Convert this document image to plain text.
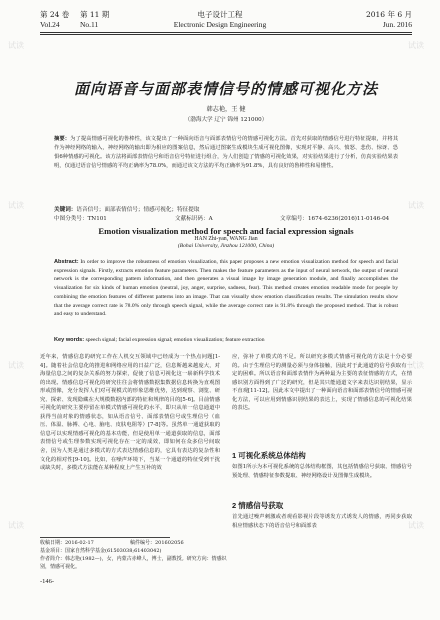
第 24 卷 第 11 期	电子设计工程	2016 年 6 月
Vol.24	No.11	Electronic Design Engineering	Jun. 2016
面向语音与面部表情信号的情感可视化方法
韩志艳，王 健
（渤海大学 辽宁 锦州 121000）
摘要：为了提高情感可视化的鲁棒性，该文提出了一种面向语音与面部表情信号的情感可视化方法。首先对获取的情感信号进行特征提取，并将其作为神经网络的输入，神经网络的输出即为相应的图案信息，然后通过图案生成模块生成可视化图像，实现对平静、高兴、愤怒、悲伤、惊讶、恐惧6种情感的可视化。该方法将面部表情信号和语音信号特征进行组合，为人们创造了情感的可视化效果，对实验结果进行了分析，仿真实验结果表明，仅通过语音信号情感的平均正确率为78.0%，而通过该文方法的平均正确率为91.8%，具有良好的鲁棒性和易懂性。
关键词：语音信号；面部表情信号；情感可视化；特征提取
中图分类号：TN101	文献标识码：A	文章编号：1674-6236(2016)11-0146-04
Emotion visualization method for speech and facial expression signals
HAN Zhi-yan, WANG Jian
(Bohai University, Jinzhou 121000, China)
Abstract: In order to improve the robustness of emotion visualization, this paper proposes a new emotion visualization method for speech and facial expression signals. Firstly, extracts emotion feature parameters. Then makes the feature parameters as the input of neural network, the output of neural network is the corresponding pattern information, and then generates a visual image by image generation module, and finally accomplishes the visualization for six kinds of human emotion (neutral, joy, anger, surprise, sadness, fear). This method creates emotion readable mode for people by combining the emotion features of different patterns into an image. That can visually show emotion classification results. The simulation results show that the average correct rate is 78.0% only through speech signal, while the average correct rate is 91.8% through the proposed method. That is robust and easy to understand.
Key words: speech signal; facial expression signal; emotion visualization; feature extraction
近年来，情感信息的研究工作在人机交互领域中已经成为一个热点问题[1-4]。随着社会信息化的推进和网络应用的日益广泛，信息斯越来越庞大，对海量信息之间的复杂关系的努力探索，促使了信息可视化这一崭新科学技术的出现。情感信息可视化的研究往往会将情感数据集数据信息转换为直观图形或图像，充分发挥人们对可视模式的形象思维优势，达到观察、浏览、研究、探索、发现隐藏在大规模数据内部的特征和规律的目的[5-6]。目前情感可视化的研究主要停留在单模式情感可视化的水平，即只从单一信息通道中获得当前对象的情感状态，如从语音信号、面部表情信号或生理信号（血压、体温、脉搏、心电、脑电、皮肤电阻等）[7-8]等。虽然单一通道获取的信息可以实现情感可视化的基本功能，但是使用单一通道获取的信息，面部表情信号或生理参数实现可视化存在一定的成效，即如何在众多信号间取舍，因为人类是通过多模式的方式表达情感信息的，它具有表达的复杂性和文化的相对性[9-10]。比如，在噪声环境下，当某一个通道的特征受到干扰或缺失时，多模式方法能在某种程度上产生互补的效
应，弥补了单模式的不足。所以研究多模式情感可视化的方法是十分必要的。由于生理信号的测量必须与身体接触，因此对于此通道的信号获取有一定的困难。所以语音和面部表情作为两种最为主要的表征情感的方式，在情感识别方面得到了广泛的研究，但是其只能通道文字来表达识别结果，显示不直观[11-12]。因此本文中提出了一种面向语音和面部表情信号的情感可视化方法，可以应用到情感识别结果的表达上，实现了情感信息的可视化结果的表达。
1 可视化系统总体结构
如图1所示为本可视化系统的总体结构框图，其包括情感信号获取、情感信号预处理、情感特征参数提取、神经网络设计及图像生成模块。
2 情感信号获取
首先通过噪声刺激或者观看影视片段等诱发方式诱发人的情感，再同步获取相应情感状态下的语音信号和面部表
收稿日期：2016-02-17	稿件编号：201602056
基金项目：国家自然科学基金(61503038;61403042)
作者简介：韩志艳(1982—)，女，内蒙古赤峰人，博士，副教授。研究方向：情感识别，情感可视化。
-146-
试读	试读
试读	试读
试读	试读
试读	试读
